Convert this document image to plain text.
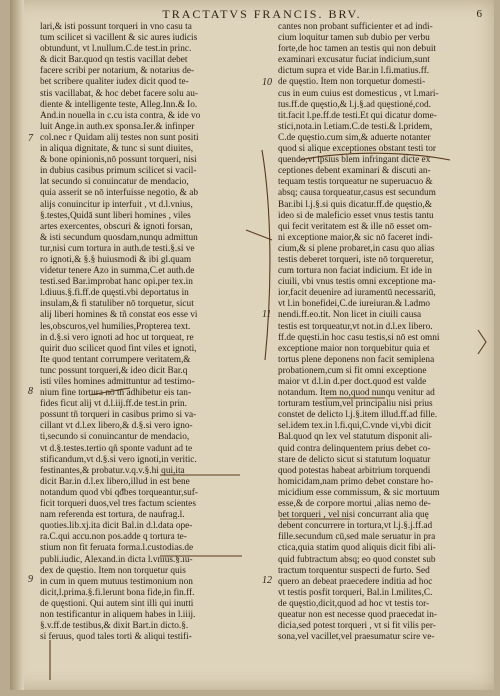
TRACTATVS FRANCIS. BRV.	6
lari,& isti possunt torqueri in vno casu ta
tum scilicet si vacillent & sic aures iudicis
obtundunt, vt l.nullum.C.de test.in princ.
& dicit Bar.quod qn testis vacillat debet
facere scribi per notarium, & notarius de-
bet scribere qualiter iudex dicit quod te-
stis vacillabat, & hoc debet facere solu au-
diente & intelligente teste, Alleg.Inn.& Io.
And.in nouella in c.cu ista contra, & ide vo
luit Ange.in auth.ex sponsa.Ier.& infinper
col.nec r Quidam alij testes non sunt positi
in aliqua dignitate, & tunc si sunt diuites,
& bone opinionis,nō possunt torqueri, nisi
in dubius casibus primum scilicet si vacil-
lat secundo si conuincatur de mendacio,
quia asserit se nō interfuisse negotio, & ab
alijs conuincitur ip interfuit , vt d.l.vnius,
§.testes,Quidā sunt liberi homines , viles
artes exercentes, obscuri & ignoti forsan,
& isti secundum quosdam,nunqu admittun
tur,nisi cum tortura in auth.de testi.§.si ve
ro ignoti,& §.§ huiusmodi & ibi gl.quam
videtur tenere Azo in summa,C.et auth.de
testi.sed Bar.improbat hanc opi.per tex.in
l.diuus.§.fi.ff.de quęsti.vbi deportatus in
insulam,& fi statuliber nō torquetur, sicut
alij liberi homines & tñ constat eos esse vi
les,obscuros,vel humilies,Propterea text.
in d.§.si vero ignoti ad hoc ut torqueat, re
quirit duo scilicet quod fint viles et ignoti,
Ite quod tentant corrumpere veritatem,&
tunc possunt torqueri,& ideo dicit Bar.q
isti viles homines admittuntur ad testimo-
nium fine tortura nō tñ adhibetur eis tan-
fides ficut alij vt d.l.iij.ff.de test.in prin.
possunt tñ torqueri in casibus primo si va-
cillant vt d.l.ex libero,& d.§.si vero igno-
ti,secundo si conuincantur de mendacio,
vt d.§.testes.tertio qñ sponte vadunt ad te
stificandum,vt d.§.si vero ignoti,in veritic.
festinantes,& probatur.v.q.v.§.hi qui,ita
dicit Bar.in d.l.ex libero,illud in est bene
notandum quod vbi qđbes torqueantur,suf-
ficit torqueri duos,vel tres factum scientes
nam referenda est tortura, de naufrag.l.
quoties.lib.xj.ita dicit Bal.in d.l.data ope-
ra.C.qui accu.non pos.adde q tortura te-
stium non fit feruata forma.l.custodias.de
publi.iudic, Alexand.in dicta l.vnius.§.iu-
dex de quęstio. Item non torquetur quis
in cum in quem mutuus testimonium non
dicit,l.prima.§.fi.lerunt bona fide,in fin.ff.
de quęstioni. Qui autem sint illi qui inutti
non testificantur in aliquem habes in l.iiij.
§.v.ff.de testibus,& dixit Bart.in dicto.§.
si feruus, quod tales torti & aliqui testifi-
cantes non probant sufficienter et ad indi-
cium loquitur tamen sub dubio per verbu
forte,de hoc tamen an testis qui non debuit
examinari excusatur fuciat indicium,sunt
dictum supra et vide Bar.in l.fi.matius.ff.
de quęstio. Item non torquetur domesti-
cus in eum cuius est domesticus , vt l.mari-
tus.ff.de quęstio,& l.j.§.ad quęstioné,cod.
tit.facit l.pe.ff.de testi.Et qui dicatur dome-
stici,nota.in l.etiam.C.de testi.& l.pridem,
C.de quęstio.cum sim,& aduerte notanter
quod si alique exceptiones obstant testi tor
quendo,vt ipsius blem infringant dicte ex
ceptiones debent examinari & discuti an-
tequam testis torqueatur ne superuacuo &
absq; causa torqueatur,casus est secundum
Bar.ibi l.j.§.si quis dicatur.ff.de quęstio,&
ideo si de maleficio esset vnus testis tantu
qui fecit veritatem est & ille nō esset om-
ni exceptione maior,& sic nō faceret indi-
cium,& si plene probaret,in casu quo alias
testis deberet torqueri, iste nō torqueretur,
cum tortura non faciat indicium. Et ide in
ciuili, vbi vnus testis omni exceptione ma-
ior,facit deuenire ad iuramentū necessariū,
vt l.in bonefidei,C.de iureiuran.& l.admo
nendi.ff.eo.tit. Non licet in ciuili causa
testis est torqueatur,vt not.in d.l.ex libero.
ff.de quęsti.in hoc casu testis,si nō est omni
exceptione maior non torquebitur quia et
tortus plene deponens non facit semiplena
probationem,cum si fit omni exceptione
maior vt d.l.in d.per doct.quod est valde
notandum. Item no,quod nunqu venitur ad
torturam testium,vel principaliu nisi prius
constet de delicto l.j.§.item illud.ff.ad fille.
sel.idem tex.in l.fi.qui,C.vnde vi,vbi dicit
Bal.quod qn lex vel statutum disponit ali-
quid contra delinquentem prius debet co-
stare de delicto sicut si statutum loquatur
quod potestas habeat arbitrium torquendi
homicidam,nam primo debet constare ho-
micidium esse commissum, & sic mortuum
esse,& de corpore mortui ,alias nemo de-
bet torqueri , vel nisi concurrant alia quę
debent concurrere in tortura,vt l.j.§.j.ff.ad
fille.secundum cū,sed male seruatur in pra
ctica,quia statim quod aliquis dicit fibi ali-
quid fubtractum absq; eo quod constet sub
tractum torquentur suspecti de furto. Sed
quero an debeat praecedere inditia ad hoc
vt testis posfit torqueri, Bal.in l.milites,C.
de quęstio,dicit,quod ad hoc vt testis tor-
queatur non est necesse quod praecedat in-
dicia,sed potest torqueri , vt si fit vilis per-
sona,vel vacillet,vel praesumatur scire ve-
7
8
9
10
11
12
